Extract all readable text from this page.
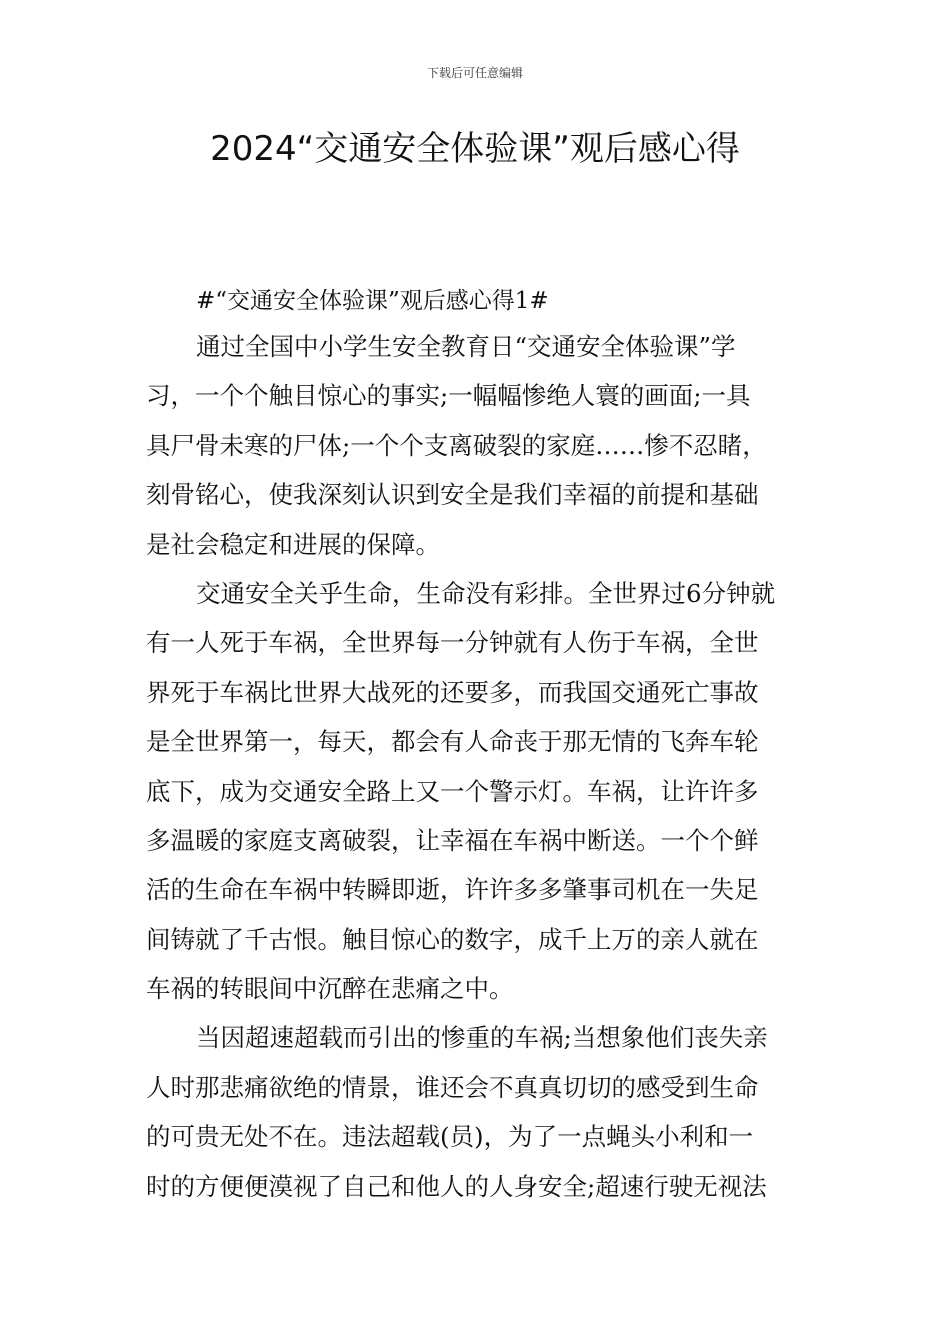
下载后可任意编辑
2024“交通安全体验课”观后感心得

#“交通安全体验课”观后感心得1#

通过全国中小学生安全教育日“交通安全体验课”学
习，一个个触目惊心的事实;一幅幅惨绝人寰的画面;一具
具尸骨未寒的尸体;一个个支离破裂的家庭……惨不忍睹，
刻骨铭心，使我深刻认识到安全是我们幸福的前提和基础
是社会稳定和进展的保障。

交通安全关乎生命，生命没有彩排。全世界过6分钟就
有一人死于车祸，全世界每一分钟就有人伤于车祸，全世
界死于车祸比世界大战死的还要多，而我国交通死亡事故
是全世界第一，每天，都会有人命丧于那无情的飞奔车轮
底下，成为交通安全路上又一个警示灯。车祸，让许许多
多温暖的家庭支离破裂，让幸福在车祸中断送。一个个鲜
活的生命在车祸中转瞬即逝，许许多多肇事司机在一失足
间铸就了千古恨。触目惊心的数字，成千上万的亲人就在
车祸的转眼间中沉醉在悲痛之中。

当因超速超载而引出的惨重的车祸;当想象他们丧失亲
人时那悲痛欲绝的情景，谁还会不真真切切的感受到生命
的可贵无处不在。违法超载(员)，为了一点蝇头小利和一
时的方便便漠视了自己和他人的人身安全;超速行驶无视法
